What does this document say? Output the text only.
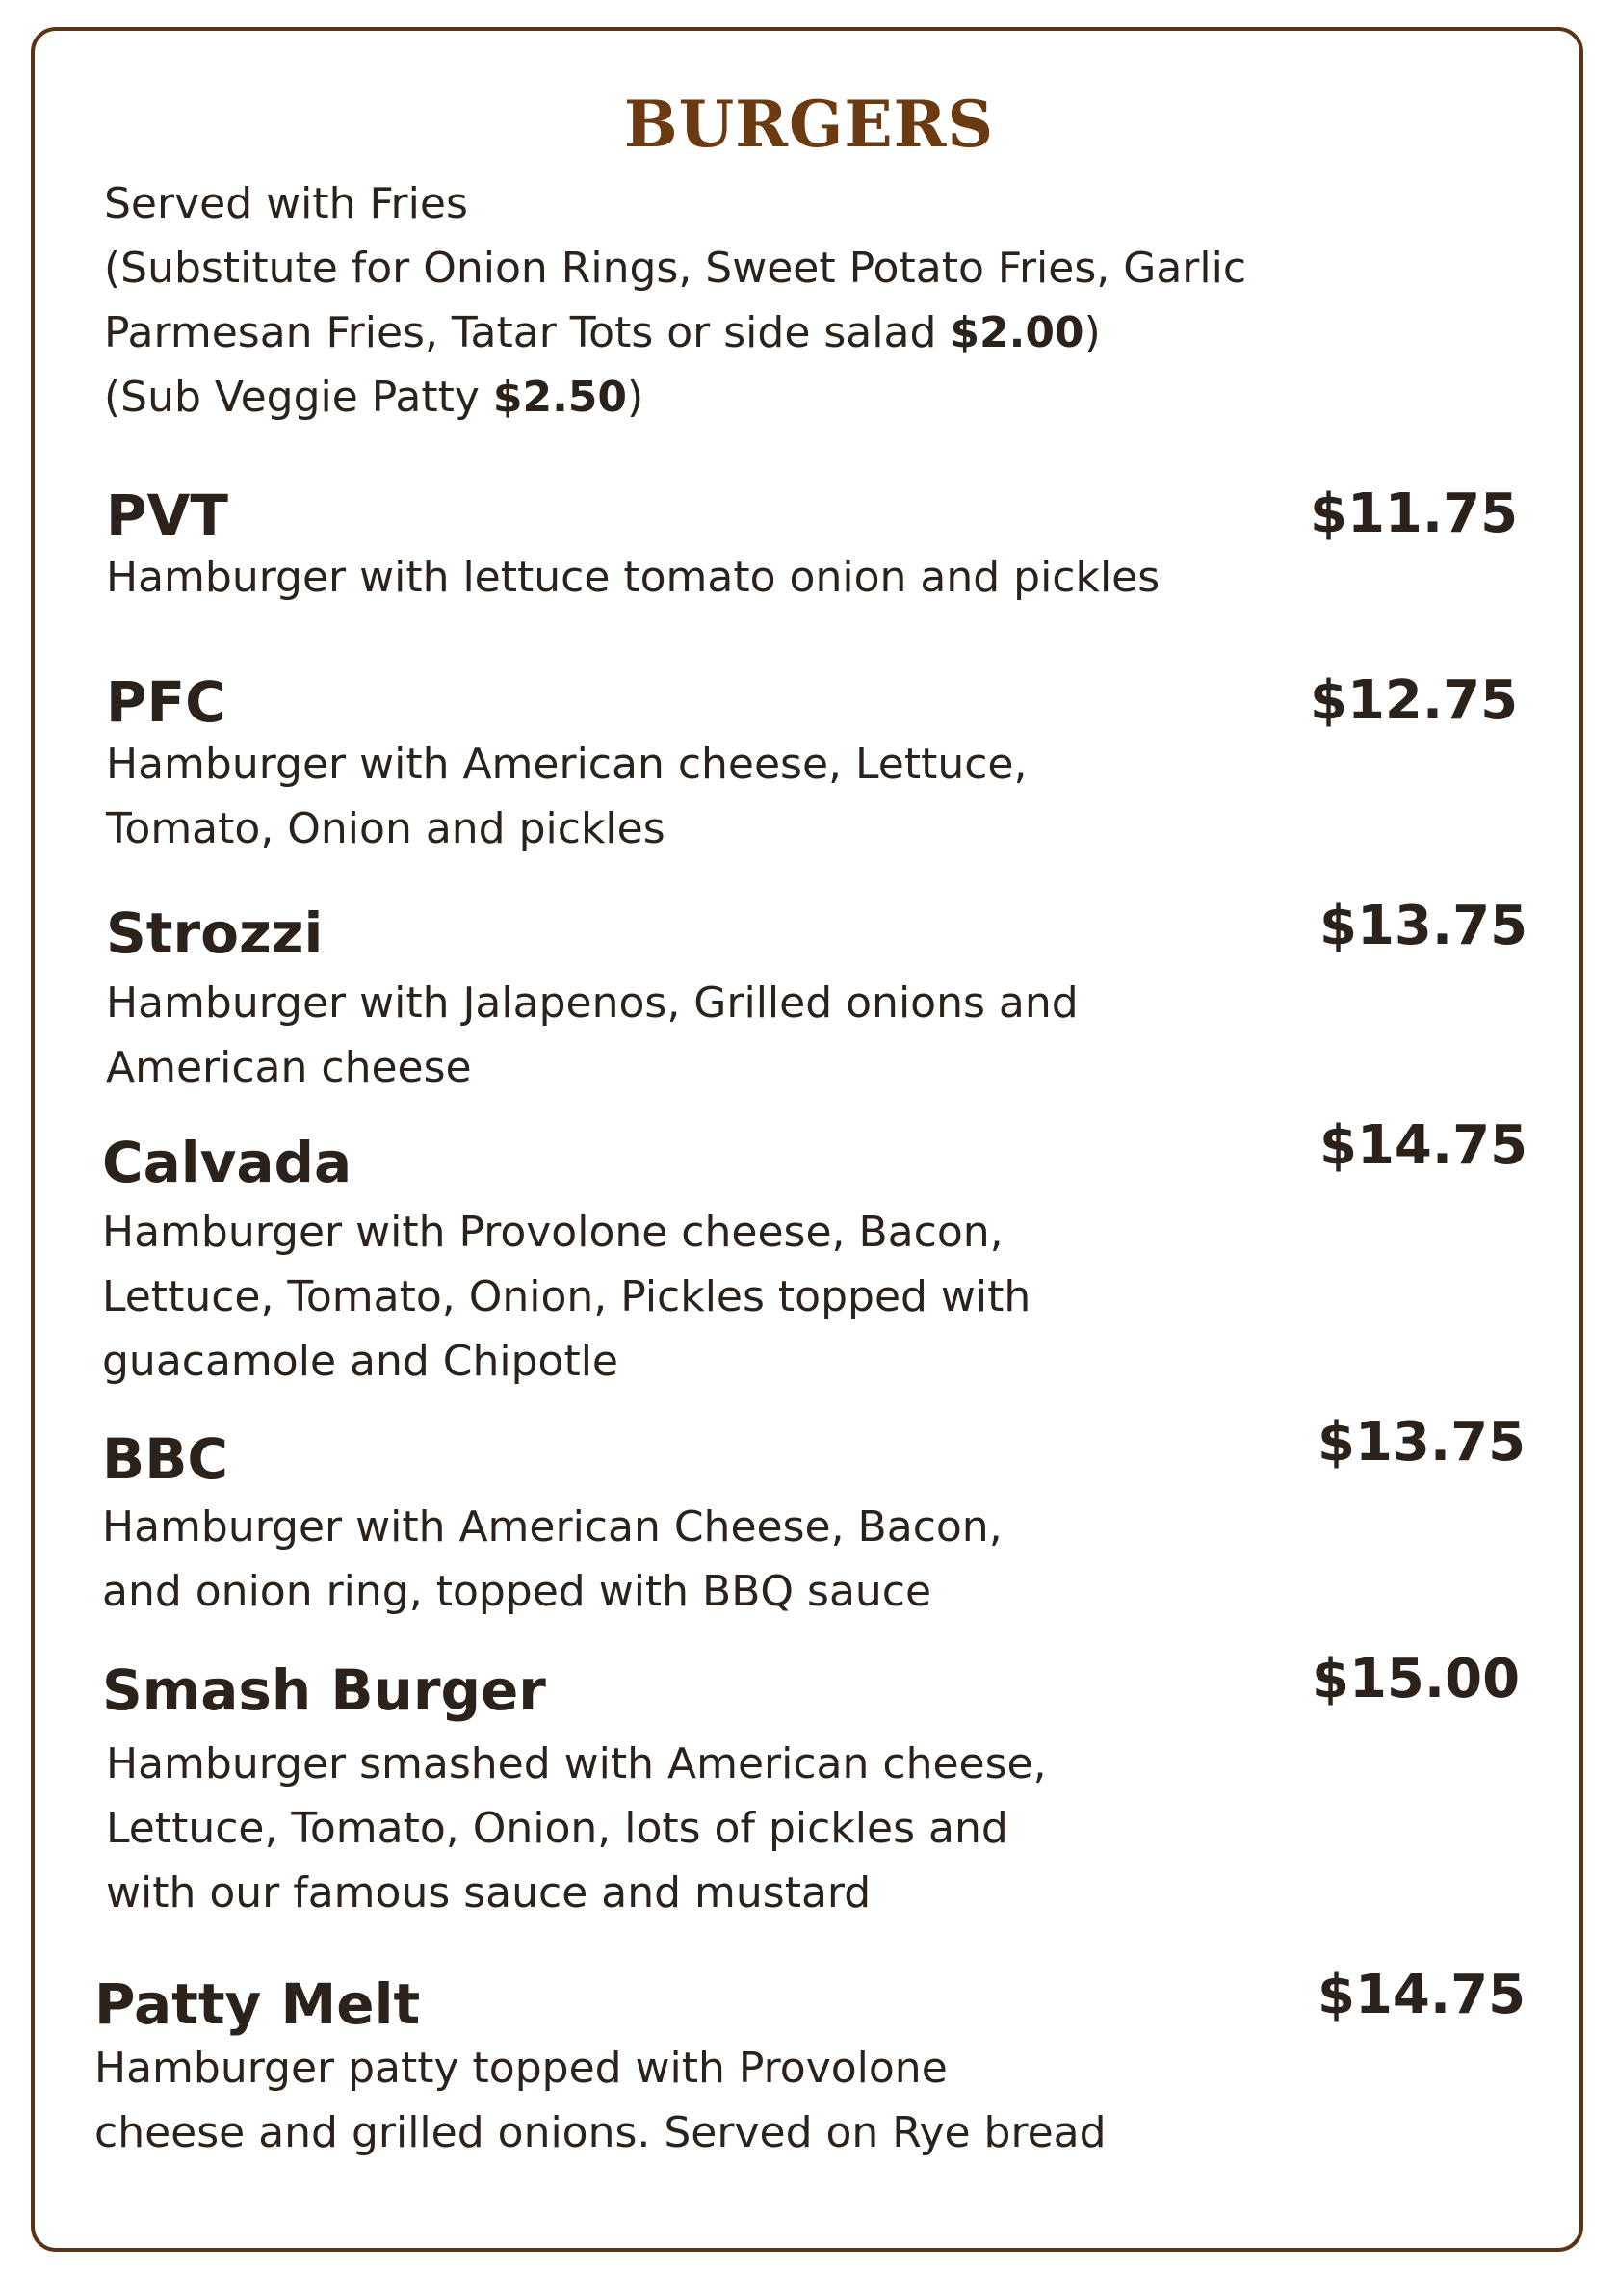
BURGERS
Served with Fries
(Substitute for Onion Rings, Sweet Potato Fries, Garlic
Parmesan Fries, Tatar Tots or side salad $2.00)
(Sub Veggie Patty $2.50)
PVT	$11.75
Hamburger with lettuce tomato onion and pickles
PFC	$12.75
Hamburger with American cheese, Lettuce,
Tomato, Onion and pickles
Strozzi	$13.75
Hamburger with Jalapenos, Grilled onions and
American cheese
Calvada	$14.75
Hamburger with Provolone cheese, Bacon,
Lettuce, Tomato, Onion, Pickles topped with
guacamole and Chipotle
BBC	$13.75
Hamburger with American Cheese, Bacon,
and onion ring, topped with BBQ sauce
Smash Burger	$15.00
Hamburger smashed with American cheese,
Lettuce, Tomato, Onion, lots of pickles and
with our famous sauce and mustard
Patty Melt	$14.75
Hamburger patty topped with Provolone
cheese and grilled onions. Served on Rye bread
